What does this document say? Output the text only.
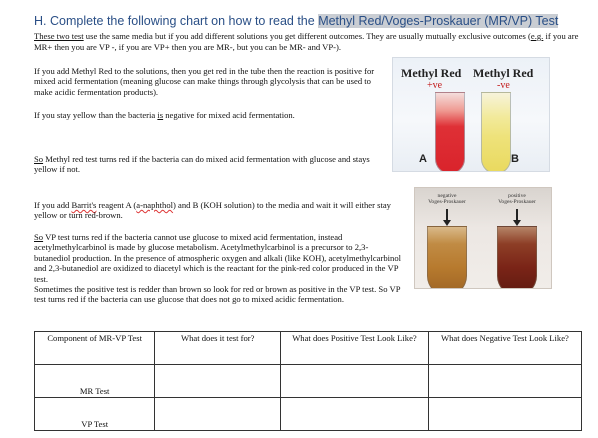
H. Complete the following chart on how to read the Methyl Red/Voges-Proskauer (MR/VP) Test
These two test use the same media but if you add different solutions you get different outcomes. They are usually mutually exclusive outcomes (e.g. if you are MR+ then you are VP -, if you are VP+ then you are MR-, but you can be MR- and VP-).
If you add Methyl Red to the solutions, then you get red in the tube then the reaction is positive for mixed acid fermentation (meaning glucose can make things through glycolysis that can be used to make acidic fermentation products).
If you stay yellow than the bacteria is negative for mixed acid fermentation.
So Methyl red test turns red if the bacteria can do mixed acid fermentation with glucose and stays yellow if not.
Methyl Red Methyl Red
+ve	-ve
A	B
If you add Barrit's reagent A (a-naphthol) and B (KOH solution) to the media and wait it will either stay yellow or turn red-brown.
So VP test turns red if the bacteria cannot use glucose to mixed acid fermentation, instead acetylmethylcarbinol is made by glucose metabolism. Acetylmethylcarbinol is a precursor to 2,3-butanediol production. In the presence of atmospheric oxygen and alkali (like KOH), acetylmethylcarbinol and 2,3-butanediol are oxidized to diacetyl which is the reactant for the pink-red color produced in the VP test.
Sometimes the positive test is redder than brown so look for red or brown as positive in the VP test. So VP test turns red if the bacteria can use glucose that does not go to mixed acidic fermentation.
negative
Voges-Proskauer
positive
Voges-Proskauer
Component of MR-VP Test	What does it test for?	What does Positive Test Look Like?	What does Negative Test Look Like?
MR Test			
VP Test			
